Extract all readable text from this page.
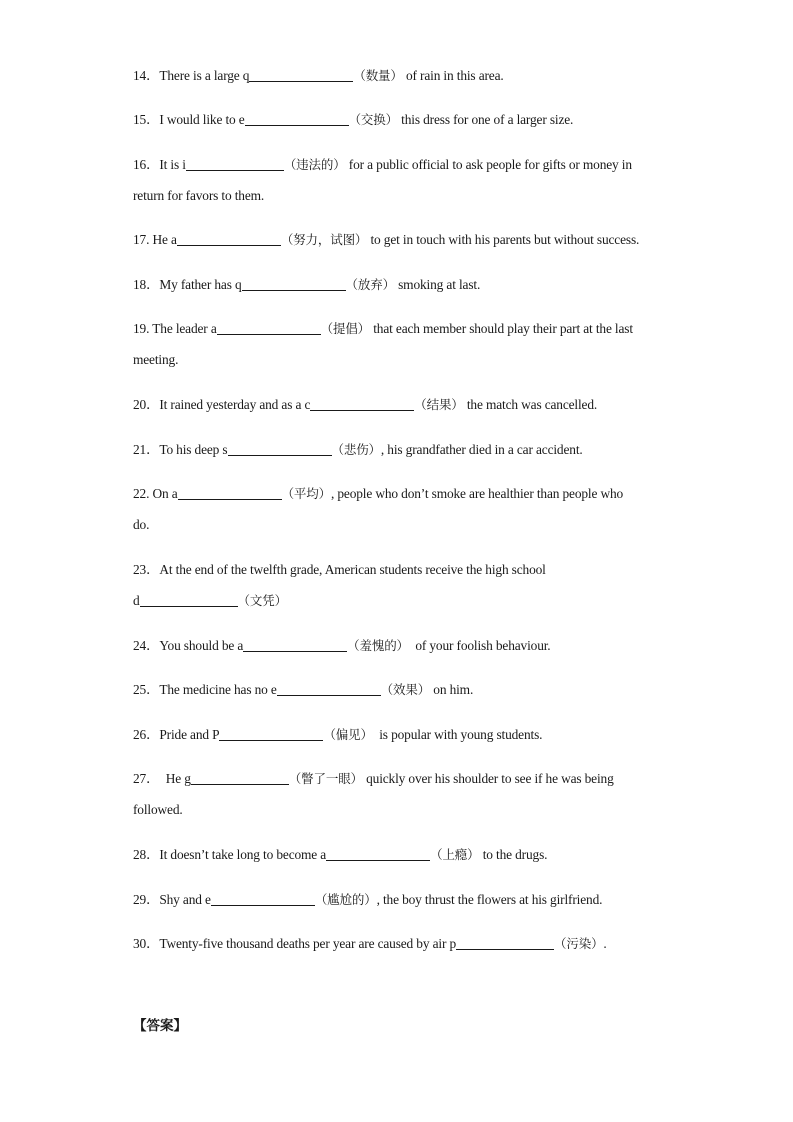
14．There is a large q	（数量） of rain in this area.
15．I would like to e	（交换） this dress for one of a larger size.
16．It is i	（违法的） for a public official to ask people for gifts or money in
return for favors to them.
17. He a	（努力，试图） to get in touch with his parents but without success.
18．My father has q	（放弃） smoking at last.
19. The leader a	（提倡） that each member should play their part at the last
meeting.
20．It rained yesterday and as a c	（结果） the match was cancelled.
21．To his deep s	（悲伤）, his grandfather died in a car accident.
22. On a	（平均）, people who don’t smoke are healthier than people who
do.
23．At the end of the twelfth grade, American students receive the high school
d	（文凭）
24．You should be a	（羞愧的）  of your foolish behaviour.
25．The medicine has no e	（效果） on him.
26．Pride and P	（偏见）  is popular with young students.
27．  He g	（瞥了一眼） quickly over his shoulder to see if he was being
followed.
28．It doesn’t take long to become a	（上瘾） to the drugs.
29．Shy and e	（尴尬的）, the boy thrust the flowers at his girlfriend.
30．Twenty-five thousand deaths per year are caused by air p	（污染）.
【答案】
